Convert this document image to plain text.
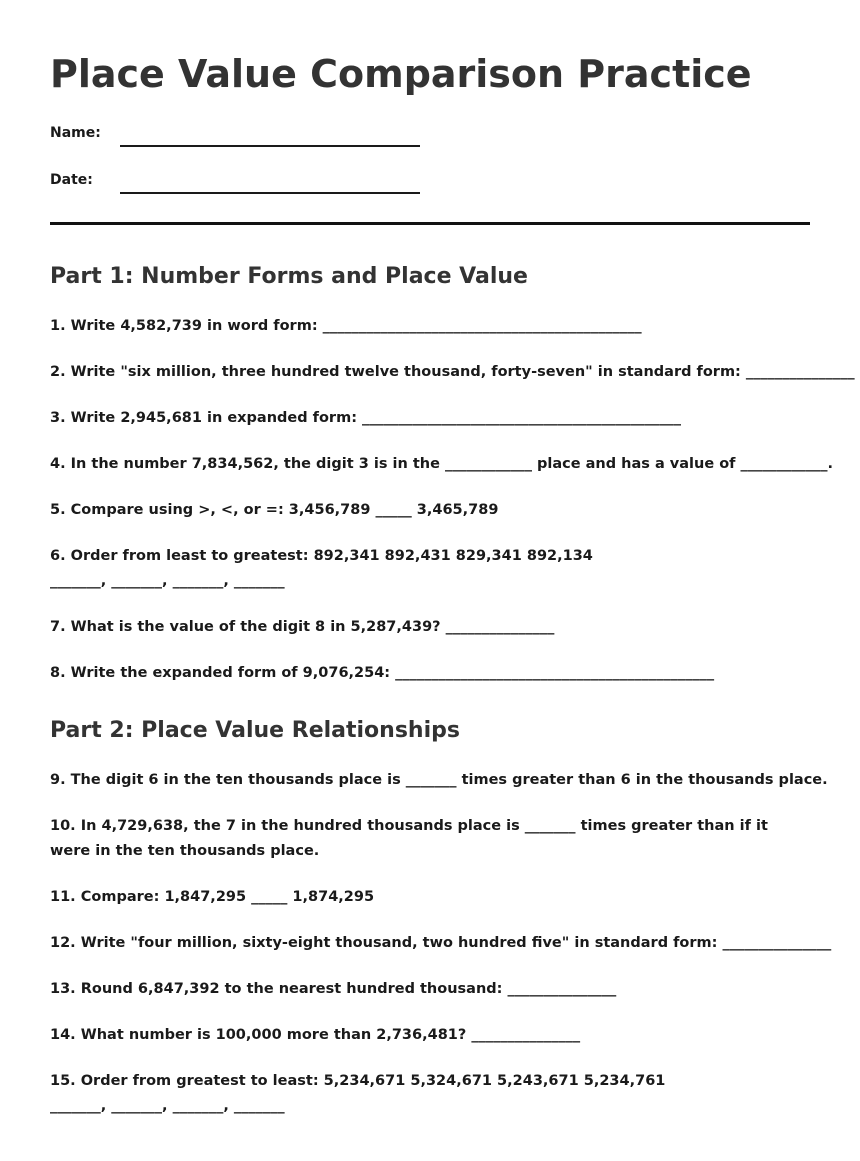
Place Value Comparison Practice
Name:
Date:
Part 1: Number Forms and Place Value

1. Write 4,582,739 in word form: ____________________________________________

2. Write "six million, three hundred twelve thousand, forty-seven" in standard form: _______________

3. Write 2,945,681 in expanded form: ____________________________________________

4. In the number 7,834,562, the digit 3 is in the ____________ place and has a value of ____________.

5. Compare using >, <, or =: 3,456,789 _____ 3,465,789

6. Order from least to greatest: 892,341 892,431 829,341 892,134

_______, _______, _______, _______

7. What is the value of the digit 8 in 5,287,439? _______________

8. Write the expanded form of 9,076,254: ____________________________________________

Part 2: Place Value Relationships

9. The digit 6 in the ten thousands place is _______ times greater than 6 in the thousands place.

10. In 4,729,638, the 7 in the hundred thousands place is _______ times greater than if it were in the ten thousands place.

11. Compare: 1,847,295 _____ 1,874,295

12. Write "four million, sixty-eight thousand, two hundred five" in standard form: _______________

13. Round 6,847,392 to the nearest hundred thousand: _______________

14. What number is 100,000 more than 2,736,481? _______________

15. Order from greatest to least: 5,234,671 5,324,671 5,243,671 5,234,761

_______, _______, _______, _______
